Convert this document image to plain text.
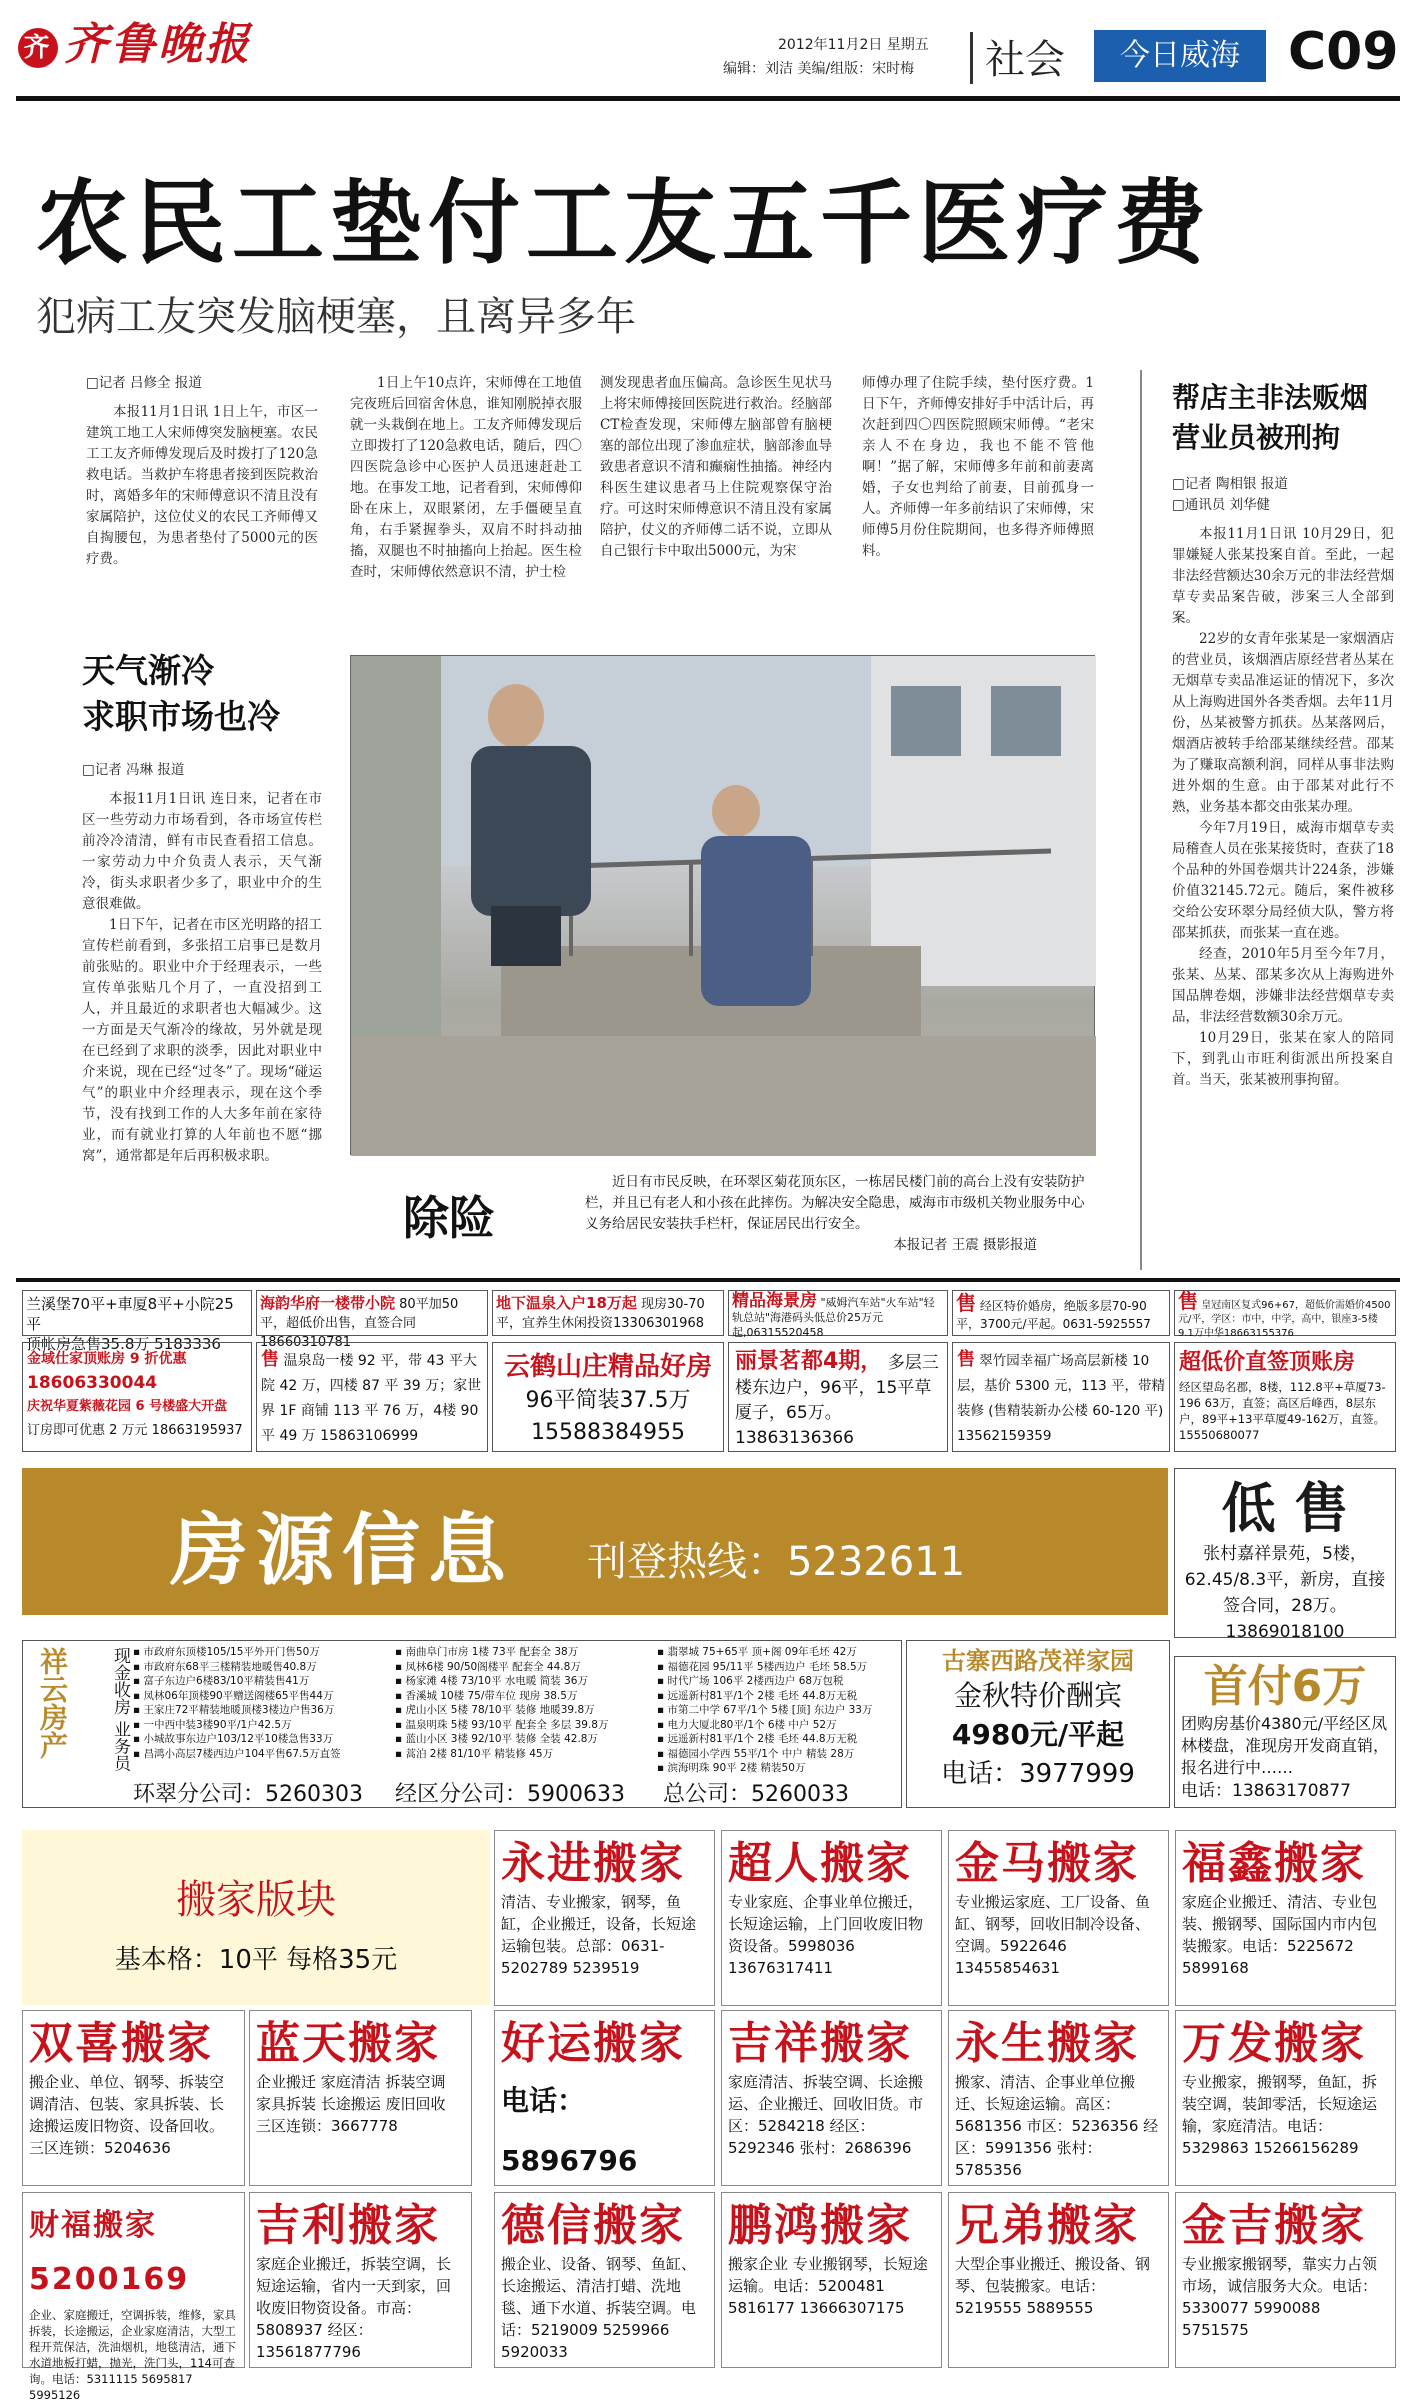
齐 齐鲁晚报	2012年11月2日 星期五
编辑：刘洁 美编/组版：宋时梅 社会	今日威海 C09
农民工垫付工友五千医疗费
犯病工友突发脑梗塞，且离异多年
□记者 吕修全 报道

本报11月1日讯 1日上午，市区一建筑工地工人宋师傅突发脑梗塞。农民工工友齐师傅发现后及时拨打了120急救电话。当救护车将患者接到医院救治时，离婚多年的宋师傅意识不清且没有家属陪护，这位仗义的农民工齐师傅又自掏腰包，为患者垫付了5000元的医疗费。

1日上午10点许，宋师傅在工地值完夜班后回宿舍休息，谁知刚脱掉衣服就一头栽倒在地上。工友齐师傅发现后立即拨打了120急救电话，随后，四〇四医院急诊中心医护人员迅速赶赴工地。在事发工地，记者看到，宋师傅仰卧在床上，双眼紧闭，左手僵硬呈直角，右手紧握拳头，双肩不时抖动抽搐，双腿也不时抽搐向上抬起。医生检查时，宋师傅依然意识不清，护士检

测发现患者血压偏高。急诊医生见状马上将宋师傅接回医院进行救治。经脑部CT检查发现，宋师傅左脑部曾有脑梗塞的部位出现了渗血症状，脑部渗血导致患者意识不清和癫痫性抽搐。神经内科医生建议患者马上住院观察保守治疗。可这时宋师傅意识不清且没有家属陪护，仗义的齐师傅二话不说，立即从自己银行卡中取出5000元，为宋

师傅办理了住院手续，垫付医疗费。1日下午，齐师傅安排好手中活计后，再次赶到四〇四医院照顾宋师傅。“老宋亲人不在身边，我也不能不管他啊！”据了解，宋师傅多年前和前妻离婚，子女也判给了前妻，目前孤身一人。齐师傅一年多前结识了宋师傅，宋师傅5月份住院期间，也多得齐师傅照料。

天气渐冷
求职市场也冷
□记者 冯琳 报道

本报11月1日讯 连日来，记者在市区一些劳动力市场看到，各市场宣传栏前冷冷清清，鲜有市民查看招工信息。一家劳动力中介负责人表示，天气渐冷，街头求职者少多了，职业中介的生意很难做。

1日下午，记者在市区光明路的招工宣传栏前看到，多张招工启事已是数月前张贴的。职业中介于经理表示，一些宣传单张贴几个月了，一直没招到工人，并且最近的求职者也大幅减少。这一方面是天气渐冷的缘故，另外就是现在已经到了求职的淡季，因此对职业中介来说，现在已经“过冬”了。现场“碰运气”的职业中介经理表示，现在这个季节，没有找到工作的人大多年前在家待业，而有就业打算的人年前也不愿“挪窝”，通常都是年后再积极求职。

除险
近日有市民反映，在环翠区菊花顶东区，一栋居民楼门前的高台上没有安装防护栏，并且已有老人和小孩在此摔伤。为解决安全隐患，威海市市级机关物业服务中心义务给居民安装扶手栏杆，保证居民出行安全。
本报记者 王震 摄影报道
帮店主非法贩烟
营业员被刑拘
□记者 陶相银 报道
□通讯员 刘华健

本报11月1日讯 10月29日，犯罪嫌疑人张某投案自首。至此，一起非法经营额达30余万元的非法经营烟草专卖品案告破，涉案三人全部到案。

22岁的女青年张某是一家烟酒店的营业员，该烟酒店原经营者丛某在无烟草专卖品准运证的情况下，多次从上海购进国外各类香烟。去年11月份，丛某被警方抓获。丛某落网后，烟酒店被转手给邵某继续经营。邵某为了赚取高额利润，同样从事非法购进外烟的生意。由于邵某对此行不熟，业务基本都交由张某办理。

今年7月19日，威海市烟草专卖局稽查人员在张某接货时，查获了18个品种的外国卷烟共计224条，涉嫌价值32145.72元。随后，案件被移交给公安环翠分局经侦大队，警方将邵某抓获，而张某一直在逃。

经查，2010年5月至今年7月，张某、丛某、邵某多次从上海购进外国品牌卷烟，涉嫌非法经营烟草专卖品，非法经营数额30余万元。

10月29日，张某在家人的陪同下，到乳山市旺利街派出所投案自首。当天，张某被刑事拘留。

兰溪堡70平+車厦8平+小院25平
顶帐房急售35.8万 5183336
海韵华府一楼带小院 80平加50平，超低价出售，直签合同 18660310781
地下温泉入户18万起 现房30-70平，宜养生休闲投资13306301968
精品海景房 "威姆汽车站"火车站"轻轨总站"海港码头低总价25万元起,06315520458
售 经区特价婚房，绝版多层70-90平，3700元/平起。0631-5925557
售 皇冠南区复式96+67，超低价需婚价4500元/平，学区：市中，中学，高中，银座3-5楼9.1万中华18663155376
金域仕家顶账房 9 折优惠
18606330044
庆祝华夏紫薇花园 6 号楼盛大开盘
订房即可优惠 2 万元 18663195937
售 温泉岛一楼 92 平，带 43 平大院 42 万，四楼 87 平 39 万；家世界 1F 商铺 113 平 76 万，4楼 90 平 49 万 15863106999
云鹤山庄精品好房
96平简装37.5万
15588384955
丽景茗都4期， 多层三楼东边户，96平，15平草厦子，65万。13863136366
售 翠竹园幸福广场高层新楼 10 层，基价 5300 元，113 平，带精装修 (售精装新办公楼 60-120 平) 13562159359
超低价直签顶账房
经区望岛名郡，8楼，112.8平+草厦73-196 63万，直签；高区后峰西，8层东户，89平+13平草厦49-162万，直签。15550680077
房源信息 刊登热线：5232611
低 售
张村嘉祥景苑，5楼，62.45/8.3平，新房，直接签合同，28万。13869018100
祥云房产	现金收房 业务员 ▪ 市政府东顶楼105/15平外开门售50万
▪ 市政府东68平三楼精装地暖售40.8万
▪ 富子东边户6楼83/10平精装售41万
▪ 凤林06年顶楼90平赠送阁楼65平售44万
▪ 王家庄72平精装地暖顶楼3楼边户售36万
▪ 一中西中装3楼90平/1户42.5万
▪ 小城故事东边户103/12平10楼急售33万
▪ 昌鸿小高层7楼西边户104平售67.5万直签
▪ 南曲阜门市房 1楼 73平 配套全 38万
▪ 凤林6楼 90/50阁楼平 配套全 44.8万
▪ 杨家滩 4楼 73/10平 水电暖 简装 36万
▪ 香溪城 10楼 75/带车位 现房 38.5万
▪ 虎山小区 5楼 78/10平 装修 地暖39.8万
▪ 温泉明珠 5楼 93/10平 配套全 多层 39.8万
▪ 蓝山小区 3楼 92/10平 装修 全装 42.8万
▪ 蒿泊 2楼 81/10平 精装修 45万
▪ 翡翠城 75+65平 顶+阁 09年毛坯 42万
▪ 福德花园 95/11平 5楼西边户 毛坯 58.5万
▪ 时代广场 106平 2楼西边户 68万包税
▪ 远遥新村81平/1个 2楼 毛坯 44.8万无税
▪ 市第二中学 67平/1个 5楼 [顶] 东边户 33万
▪ 电力大厦北80平/1个 6楼 中户 52万
▪ 远遥新村81平/1个 2楼 毛坯 44.8万无税
▪ 福德园小学西 55平/1个 中户 精装 28万
▪ 滨海明珠 90平 2楼 精装50万
环翠分公司：5260303 经区分公司：5900633 总公司：5260033
古寨西路茂祥家园
金秋特价酬宾
4980元/平起
电话：3977999
首付6万
团购房基价4380元/平经区凤林楼盘，准现房开发商直销，报名进行中……
电话：13863170877
搬家版块
基本格：10平 每格35元
永进搬家
清洁、专业搬家，钢琴，鱼缸，企业搬迁，设备，长短途运输包装。总部：0631-5202789 5239519
超人搬家
专业家庭、企事业单位搬迁，长短途运输，上门回收废旧物资设备。5998036 13676317411
金马搬家
专业搬运家庭、工厂设备、鱼缸、钢琴，回收旧制冷设备、空调。5922646 13455854631
福鑫搬家
家庭企业搬迁、清洁、专业包装、搬钢琴、国际国内市内包装搬家。电话：5225672 5899168
双喜搬家
搬企业、单位、钢琴、拆装空调清洁、包装、家具拆装、长途搬运废旧物资、设备回收。三区连锁：5204636
蓝天搬家
企业搬迁 家庭清洁 拆装空调 家具拆装 长途搬运 废旧回收 三区连锁：3667778
好运搬家
电话：5896796
吉祥搬家
家庭清洁、拆装空调、长途搬运、企业搬迁、回收旧货。市区：5284218 经区：5292346 张村：2686396
永生搬家
搬家、清洁、企事业单位搬迁、长短途运输。高区：5681356 市区：5236356 经区：5991356 张村：5785356
万发搬家
专业搬家，搬钢琴，鱼缸，拆装空调，装卸零活，长短途运输，家庭清洁。电话：5329863 15266156289
财福搬家5200169
企业、家庭搬迁，空调拆装，维修，家具拆装，长途搬运，企业家庭清洁，大型工程开荒保洁，洗油烟机，地毯清洁，通下水道地板打蜡，抛光，洗门头，114可查询。电话：5311115 5695817 5995126
吉利搬家
家庭企业搬迁，拆装空调，长短途运输，省内一天到家，回收废旧物资设备。市高：5808937 经区：13561877796
德信搬家
搬企业、设备、钢琴、鱼缸、长途搬运、清洁打蜡、洗地毯、通下水道、拆装空调。电话：5219009 5259966 5920033
鹏鸿搬家
搬家企业 专业搬钢琴，长短途运输。电话：5200481 5816177 13666307175
兄弟搬家
大型企事业搬迁、搬设备、钢琴、包装搬家。电话：5219555 5889555
金吉搬家
专业搬家搬钢琴，靠实力占领市场，诚信服务大众。电话：5330077 5990088 5751575
